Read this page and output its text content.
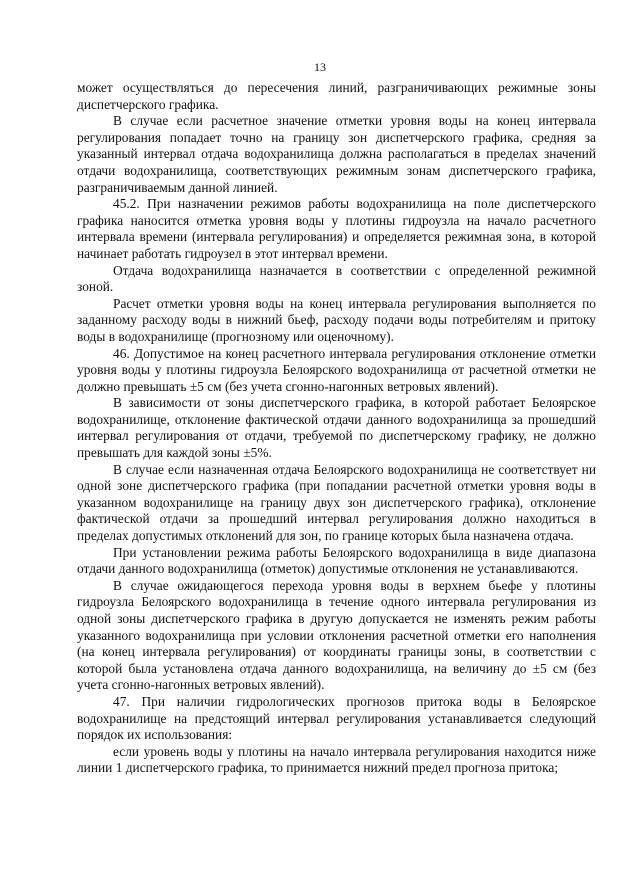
13

может осуществляться до пересечения линий, разграничивающих режимные зоны диспетчерского графика.

В случае если расчетное значение отметки уровня воды на конец интервала регулирования попадает точно на границу зон диспетчерского графика, средняя за указанный интервал отдача водохранилища должна располагаться в пределах значений отдачи водохранилища, соответствующих режимным зонам диспетчерского графика, разграничиваемым данной линией.

45.2. При назначении режимов работы водохранилища на поле диспетчерского графика наносится отметка уровня воды у плотины гидроузла на начало расчетного интервала времени (интервала регулирования) и определяется режимная зона, в которой начинает работать гидроузел в этот интервал времени.

Отдача водохранилища назначается в соответствии с определенной режимной зоной.

Расчет отметки уровня воды на конец интервала регулирования выполняется по заданному расходу воды в нижний бьеф, расходу подачи воды потребителям и притоку воды в водохранилище (прогнозному или оценочному).

46. Допустимое на конец расчетного интервала регулирования отклонение отметки уровня воды у плотины гидроузла Белоярского водохранилища от расчетной отметки не должно превышать ±5 см (без учета сгонно-нагонных ветровых явлений).

В зависимости от зоны диспетчерского графика, в которой работает Белоярское водохранилище, отклонение фактической отдачи данного водохранилища за прошедший интервал регулирования от отдачи, требуемой по диспетчерскому графику, не должно превышать для каждой зоны ±5%.

В случае если назначенная отдача Белоярского водохранилища не соответствует ни одной зоне диспетчерского графика (при попадании расчетной отметки уровня воды в указанном водохранилище на границу двух зон диспетчерского графика), отклонение фактической отдачи за прошедший интервал регулирования должно находиться в пределах допустимых отклонений для зон, по границе которых была назначена отдача.

При установлении режима работы Белоярского водохранилища в виде диапазона отдачи данного водохранилища (отметок) допустимые отклонения не устанавливаются.

В случае ожидающегося перехода уровня воды в верхнем бьефе у плотины гидроузла Белоярского водохранилища в течение одного интервала регулирования из одной зоны диспетчерского графика в другую допускается не изменять режим работы указанного водохранилища при условии отклонения расчетной отметки его наполнения (на конец интервала регулирования) от координаты границы зоны, в соответствии с которой была установлена отдача данного водохранилища, на величину до ±5 см (без учета сгонно-нагонных ветровых явлений).

47. При наличии гидрологических прогнозов притока воды в Белоярское водохранилище на предстоящий интервал регулирования устанавливается следующий порядок их использования:

если уровень воды у плотины на начало интервала регулирования находится ниже линии 1 диспетчерского графика, то принимается нижний предел прогноза притока;
